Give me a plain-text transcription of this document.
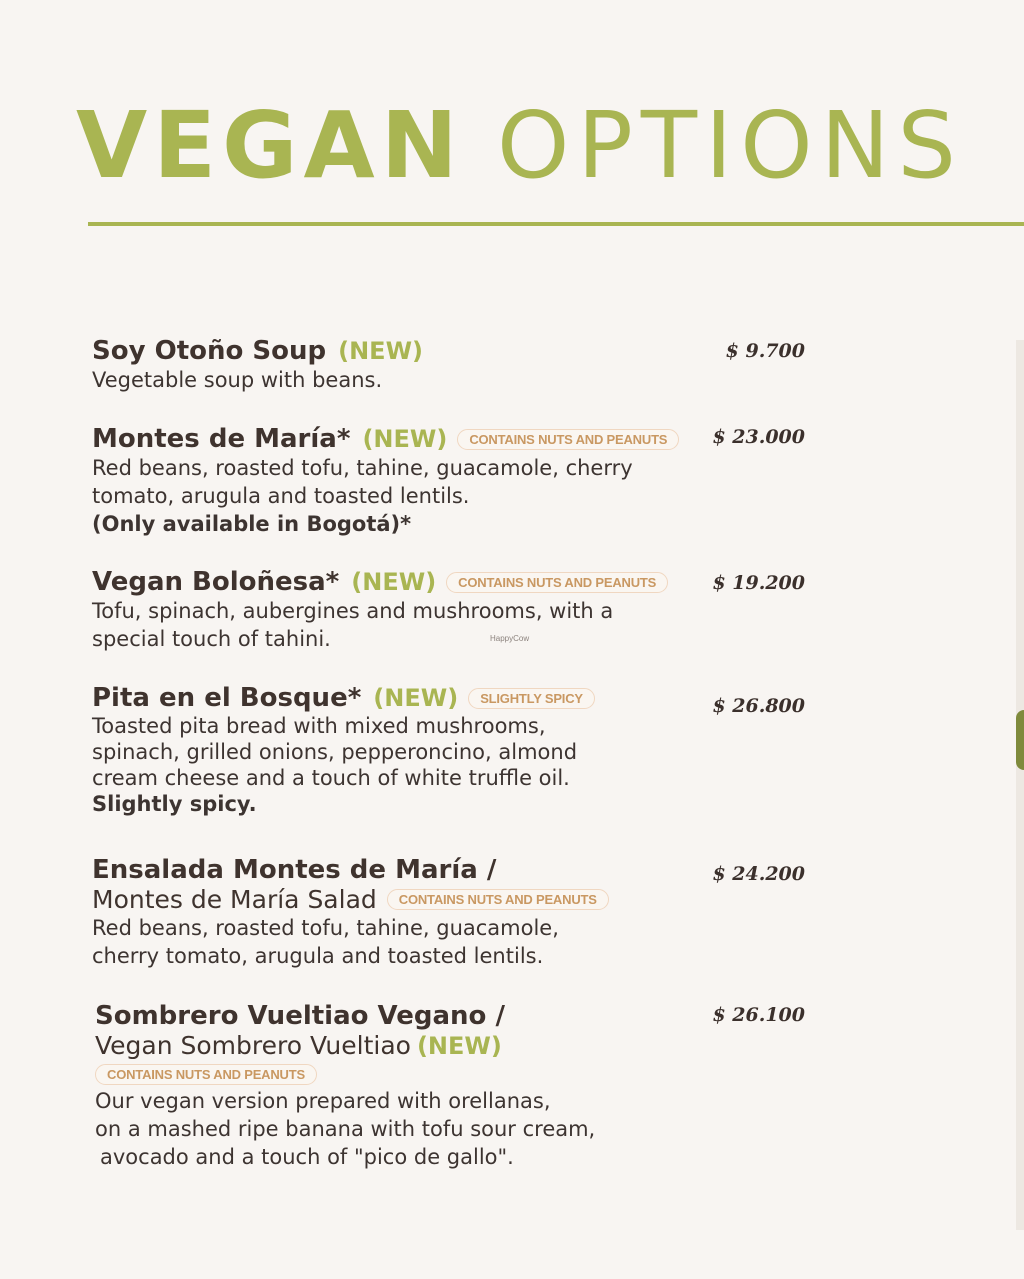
VEGAN OPTIONS
Soy Otoño Soup (NEW)
Vegetable soup with beans.
$ 9.700
Montes de María* (NEW)	CONTAINS NUTS AND PEANUTS
Red beans, roasted tofu, tahine, guacamole, cherry
tomato, arugula and toasted lentils.
(Only available in Bogotá)*
$ 23.000
Vegan Boloñesa* (NEW)	CONTAINS NUTS AND PEANUTS
Tofu, spinach, aubergines and mushrooms, with a
special touch of tahini.
$ 19.200
HappyCow
Pita en el Bosque* (NEW)	SLIGHTLY SPICY
Toasted pita bread with mixed mushrooms,
spinach, grilled onions, pepperoncino, almond
cream cheese and a touch of white truffle oil.
Slightly spicy.
$ 26.800
Ensalada Montes de María /
Montes de María Salad	CONTAINS NUTS AND PEANUTS
Red beans, roasted tofu, tahine, guacamole,
cherry tomato, arugula and toasted lentils.
$ 24.200
Sombrero Vueltiao Vegano /
Vegan Sombrero Vueltiao (NEW)
CONTAINS NUTS AND PEANUTS
Our vegan version prepared with orellanas,
on a mashed ripe banana with tofu sour cream,
avocado and a touch of "pico de gallo".
$ 26.100
